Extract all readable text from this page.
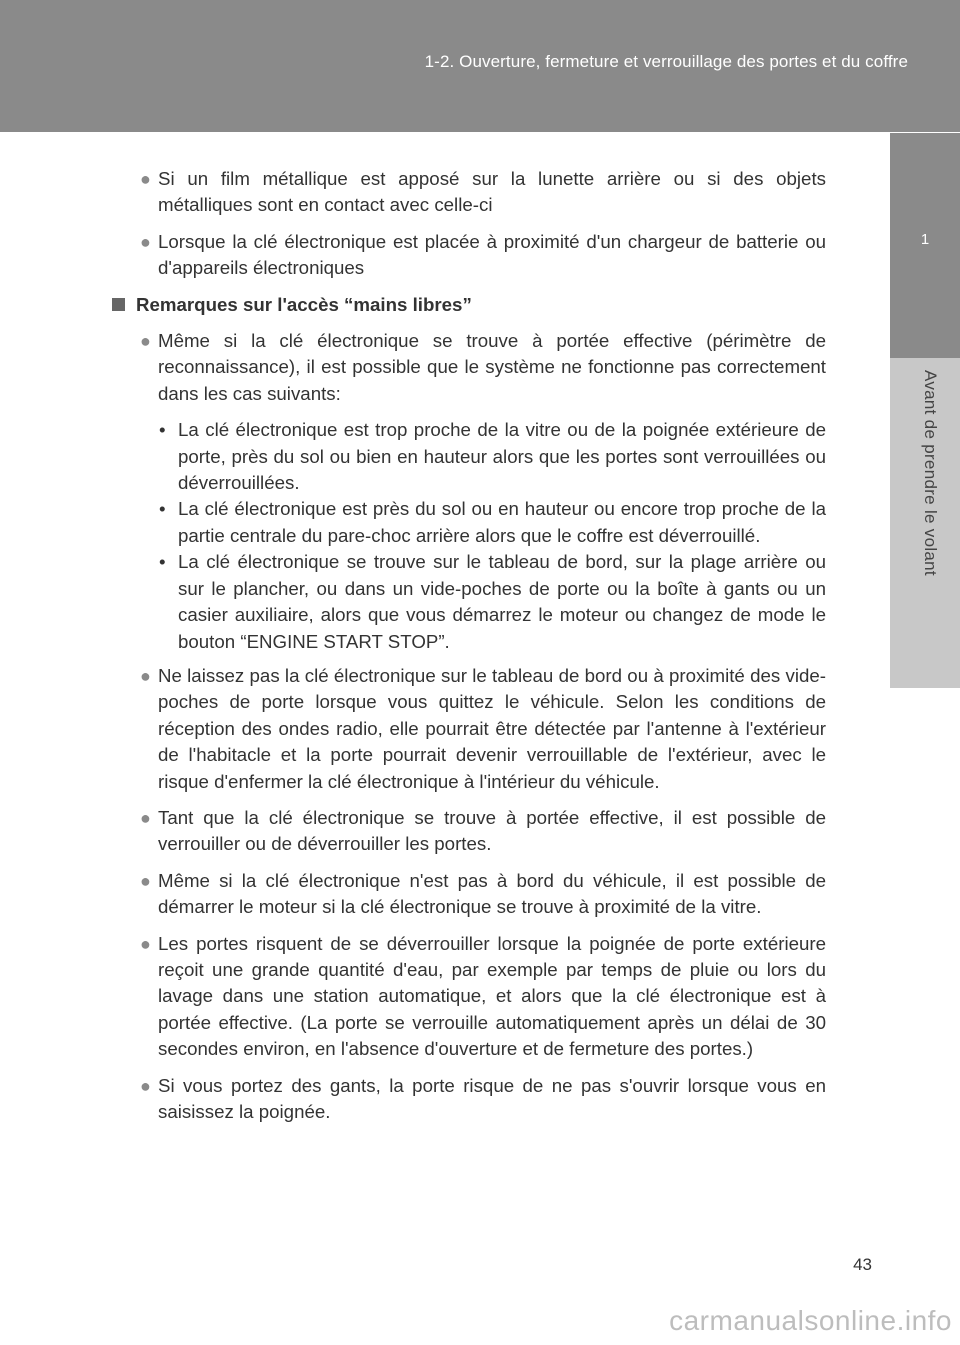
1-2. Ouverture, fermeture et verrouillage des portes et du coffre
1
Avant de prendre le volant
● Si un film métallique est apposé sur la lunette arrière ou si des objets métalliques sont en contact avec celle-ci
● Lorsque la clé électronique est placée à proximité d'un chargeur de batterie ou d'appareils électroniques
Remarques sur l'accès “mains libres”
● Même si la clé électronique se trouve à portée effective (périmètre de reconnaissance), il est possible que le système ne fonctionne pas correctement dans les cas suivants:
• La clé électronique est trop proche de la vitre ou de la poignée extérieure de porte, près du sol ou bien en hauteur alors que les portes sont verrouillées ou déverrouillées.
• La clé électronique est près du sol ou en hauteur ou encore trop proche de la partie centrale du pare-choc arrière alors que le coffre est déverrouillé.
• La clé électronique se trouve sur le tableau de bord, sur la plage arrière ou sur le plancher, ou dans un vide-poches de porte ou la boîte à gants ou un casier auxiliaire, alors que vous démarrez le moteur ou changez de mode le bouton “ENGINE START STOP”.
● Ne laissez pas la clé électronique sur le tableau de bord ou à proximité des vide-poches de porte lorsque vous quittez le véhicule. Selon les conditions de réception des ondes radio, elle pourrait être détectée par l'antenne à l'extérieur de l'habitacle et la porte pourrait devenir verrouillable de l'extérieur, avec le risque d'enfermer la clé électronique à l'intérieur du véhicule.
● Tant que la clé électronique se trouve à portée effective, il est possible de verrouiller ou de déverrouiller les portes.
● Même si la clé électronique n'est pas à bord du véhicule, il est possible de démarrer le moteur si la clé électronique se trouve à proximité de la vitre.
● Les portes risquent de se déverrouiller lorsque la poignée de porte extérieure reçoit une grande quantité d'eau, par exemple par temps de pluie ou lors du lavage dans une station automatique, et alors que la clé électronique est à portée effective. (La porte se verrouille automatiquement après un délai de 30 secondes environ, en l'absence d'ouverture et de fermeture des portes.)
● Si vous portez des gants, la porte risque de ne pas s'ouvrir lorsque vous en saisissez la poignée.
43
carmanualsonline.info
